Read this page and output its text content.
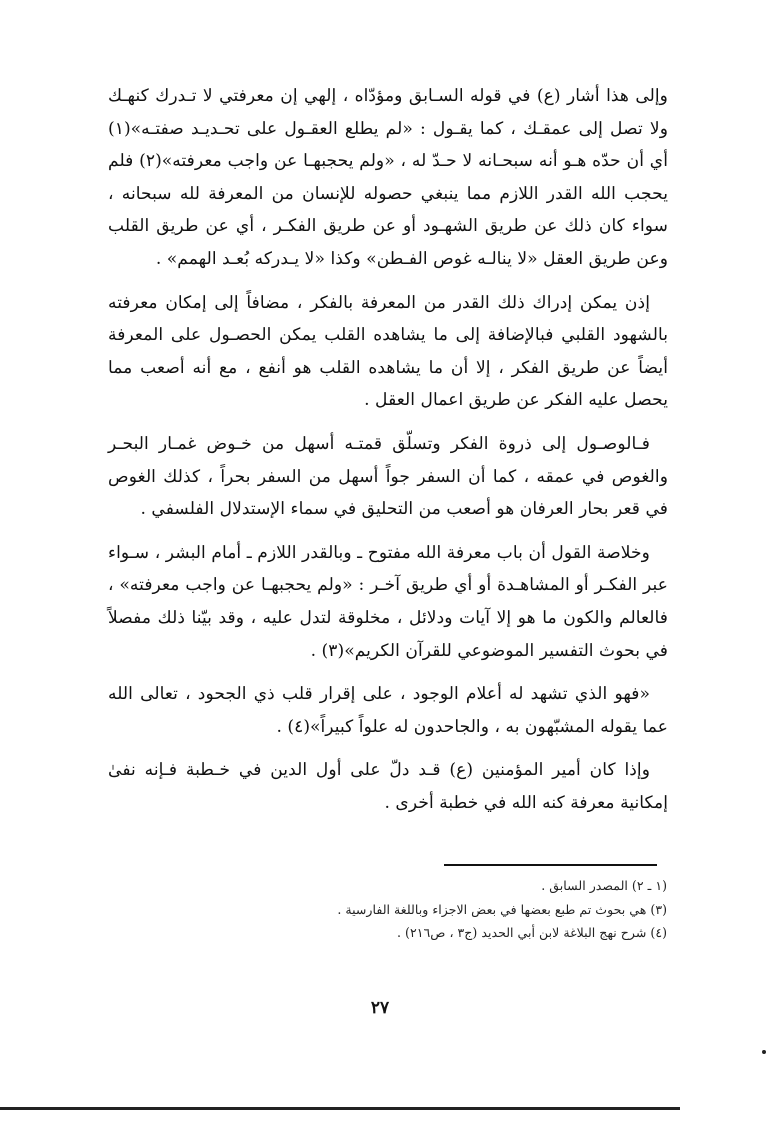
وإلى هذا أشار (ع) في قوله السـابق ومؤدّاه ، إلهي إن معرفتي لا تـدرك كنهـك ولا تصل إلى عمقـك ، كما يقـول : «لم يطلع العقـول على تحـديـد صفتـه»(١) أي أن حدّه هـو أنه سبحـانه لا حـدّ له ، «ولم يحجبهـا عن واجب معرفته»(٢) فلم يحجب الله القدر اللازم مما ينبغي حصوله للإنسان من المعرفة لله سبحانه ، سواء كان ذلك عن طريق الشهـود أو عن طريق الفكـر ، أي عن طريق القلب وعن طريق العقل «لا ينالـه غوص الفـطن» وكذا «لا يـدركه بُعـد الهمم» .

إذن يمكن إدراك ذلك القدر من المعرفة بالفكر ، مضافاً إلى إمكان معرفته بالشهود القلبي فبالإضافة إلى ما يشاهده القلب يمكن الحصـول على المعرفة أيضاً عن طريق الفكر ، إلا أن ما يشاهده القلب هو أنفع ، مع أنه أصعب مما يحصل عليه الفكر عن طريق اعمال العقل .

فـالوصـول إلى ذروة الفكر وتسلّق قمتـه أسهل من خـوض غمـار البحـر والغوص في عمقه ، كما أن السفر جواً أسهل من السفر بحراً ، كذلك الغوص في قعر بحار العرفان هو أصعب من التحليق في سماء الإستدلال الفلسفي .

وخلاصة القول أن باب معرفة الله مفتوح ـ وبالقدر اللازم ـ أمام البشر ، سـواء عبر الفكـر أو المشاهـدة أو أي طريق آخـر : «ولم يحجبهـا عن واجب معرفته» ، فالعالم والكون ما هو إلا آيات ودلائل ، مخلوقة لتدل عليه ، وقد بيّنا ذلك مفصلاً في بحوث التفسير الموضوعي للقرآن الكريم»(٣) .

«فهو الذي تشهد له أعلام الوجود ، على إقرار قلب ذي الجحود ، تعالى الله عما يقوله المشبّهون به ، والجاحدون له علواً كبيراً»(٤) .

وإذا كان أمير المؤمنين (ع) قـد دلّ على أول الدين في خـطبة فـإنه نفىٰ إمكانية معرفة كنه الله في خطبة أخرى .

(١ ـ ٢) المصدر السابق .
(٣) هي بحوث تم طبع بعضها في بعض الاجزاء وباللغة الفارسية .
(٤) شرح نهج البلاغة لابن أبي الحديد (ج٣ ، ص٢١٦) .
٢٧
